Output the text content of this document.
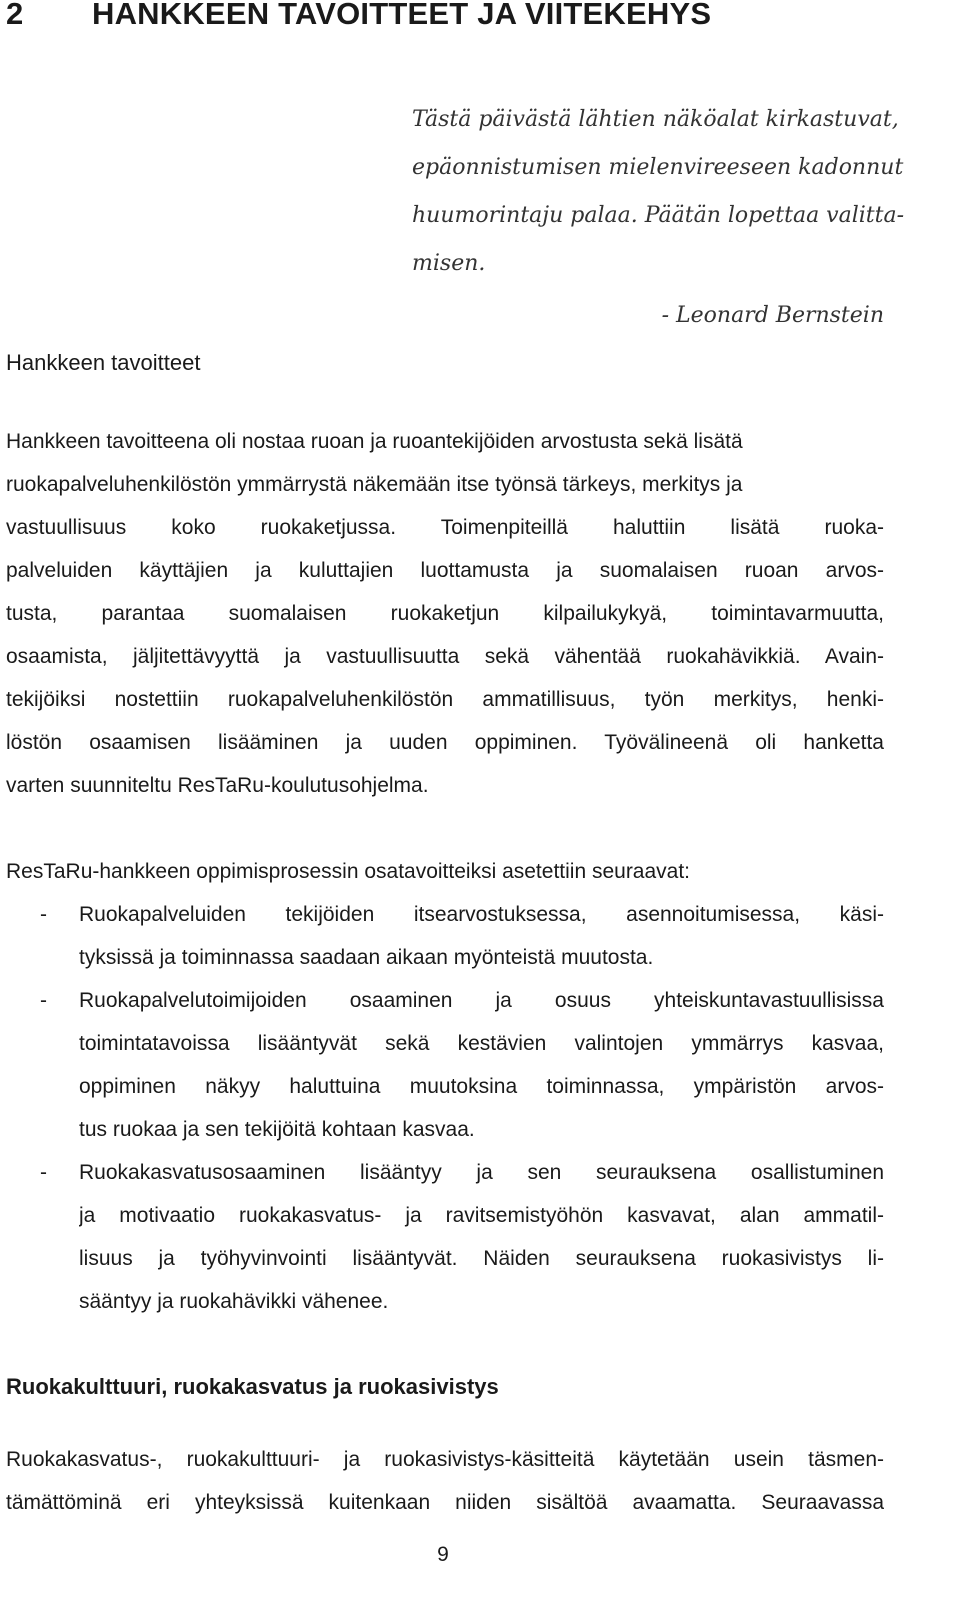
2	HANKKEEN TAVOITTEET JA VIITEKEHYS
Tästä päivästä lähtien näköalat kirkastuvat,
epäonnistumisen mielenvireeseen kadonnut
huumorintaju palaa. Päätän lopettaa valitta-
misen.

- Leonard Bernstein

Hankkeen tavoitteet
Hankkeen tavoitteena oli nostaa ruoan ja ruoantekijöiden arvostusta sekä lisätä
ruokapalveluhenkilöstön ymmärrystä näkemään itse työnsä tärkeys, merkitys ja
vastuullisuus koko ruokaketjussa. Toimenpiteillä haluttiin lisätä ruoka-
palveluiden käyttäjien ja kuluttajien luottamusta ja suomalaisen ruoan arvos-
tusta, parantaa suomalaisen ruokaketjun kilpailukykyä, toimintavarmuutta,
osaamista, jäljitettävyyttä ja vastuullisuutta sekä vähentää ruokahävikkiä. Avain-
tekijöiksi nostettiin ruokapalveluhenkilöstön ammatillisuus, työn merkitys, henki-
löstön osaamisen lisääminen ja uuden oppiminen. Työvälineenä oli hanketta
varten suunniteltu ResTaRu-koulutusohjelma.
ResTaRu-hankkeen oppimisprosessin osatavoitteiksi asetettiin seuraavat:
- Ruokapalveluiden tekijöiden itsearvostuksessa, asennoitumisessa, käsi-
tyksissä ja toiminnassa saadaan aikaan myönteistä muutosta.
- Ruokapalvelutoimijoiden osaaminen ja osuus yhteiskuntavastuullisissa
toimintatavoissa lisääntyvät sekä kestävien valintojen ymmärrys kasvaa,
oppiminen näkyy haluttuina muutoksina toiminnassa, ympäristön arvos-
tus ruokaa ja sen tekijöitä kohtaan kasvaa.
- Ruokakasvatusosaaminen lisääntyy ja sen seurauksena osallistuminen
ja motivaatio ruokakasvatus- ja ravitsemistyöhön kasvavat, alan ammatil-
lisuus ja työhyvinvointi lisääntyvät. Näiden seurauksena ruokasivistys li-
sääntyy ja ruokahävikki vähenee.
Ruokakulttuuri, ruokakasvatus ja ruokasivistys
Ruokakasvatus-, ruokakulttuuri- ja ruokasivistys-käsitteitä käytetään usein täsmen-
tämättöminä eri yhteyksissä kuitenkaan niiden sisältöä avaamatta. Seuraavassa

9
